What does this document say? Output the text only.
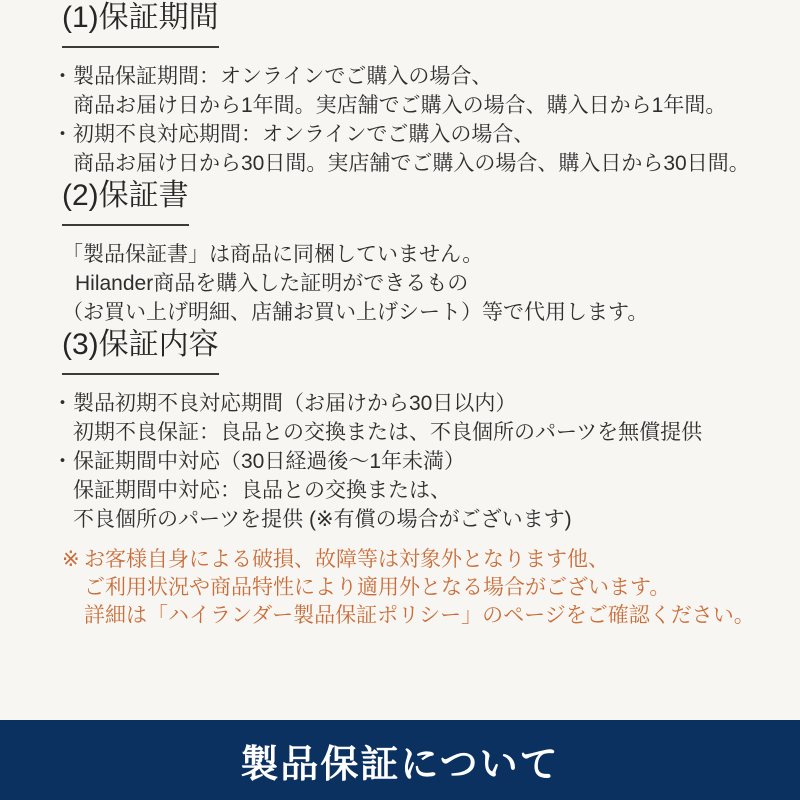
(1)保証期間

・ 製品保証期間：オンラインでご購入の場合、

商品お届け日から1年間。実店舗でご購入の場合、購入日から1年間。

・ 初期不良対応期間：オンラインでご購入の場合、

商品お届け日から30日間。実店舗でご購入の場合、購入日から30日間。

(2)保証書

「製品保証書」は商品に同梱していません。

Hilander商品を購入した証明ができるもの

（お買い上げ明細、店舗お買い上げシート）等で代用します。

(3)保証内容

・ 製品初期不良対応期間（お届けから30日以内）

初期不良保証：良品との交換または、不良個所のパーツを無償提供

・ 保証期間中対応（30日経過後～1年未満）

保証期間中対応：良品との交換または、

不良個所のパーツを提供 (※有償の場合がございます)

※ お客様自身による破損、故障等は対象外となります他、

ご利用状況や商品特性により適用外となる場合がございます。

詳細は「ハイランダー製品保証ポリシー」のページをご確認ください。

製品保証について
